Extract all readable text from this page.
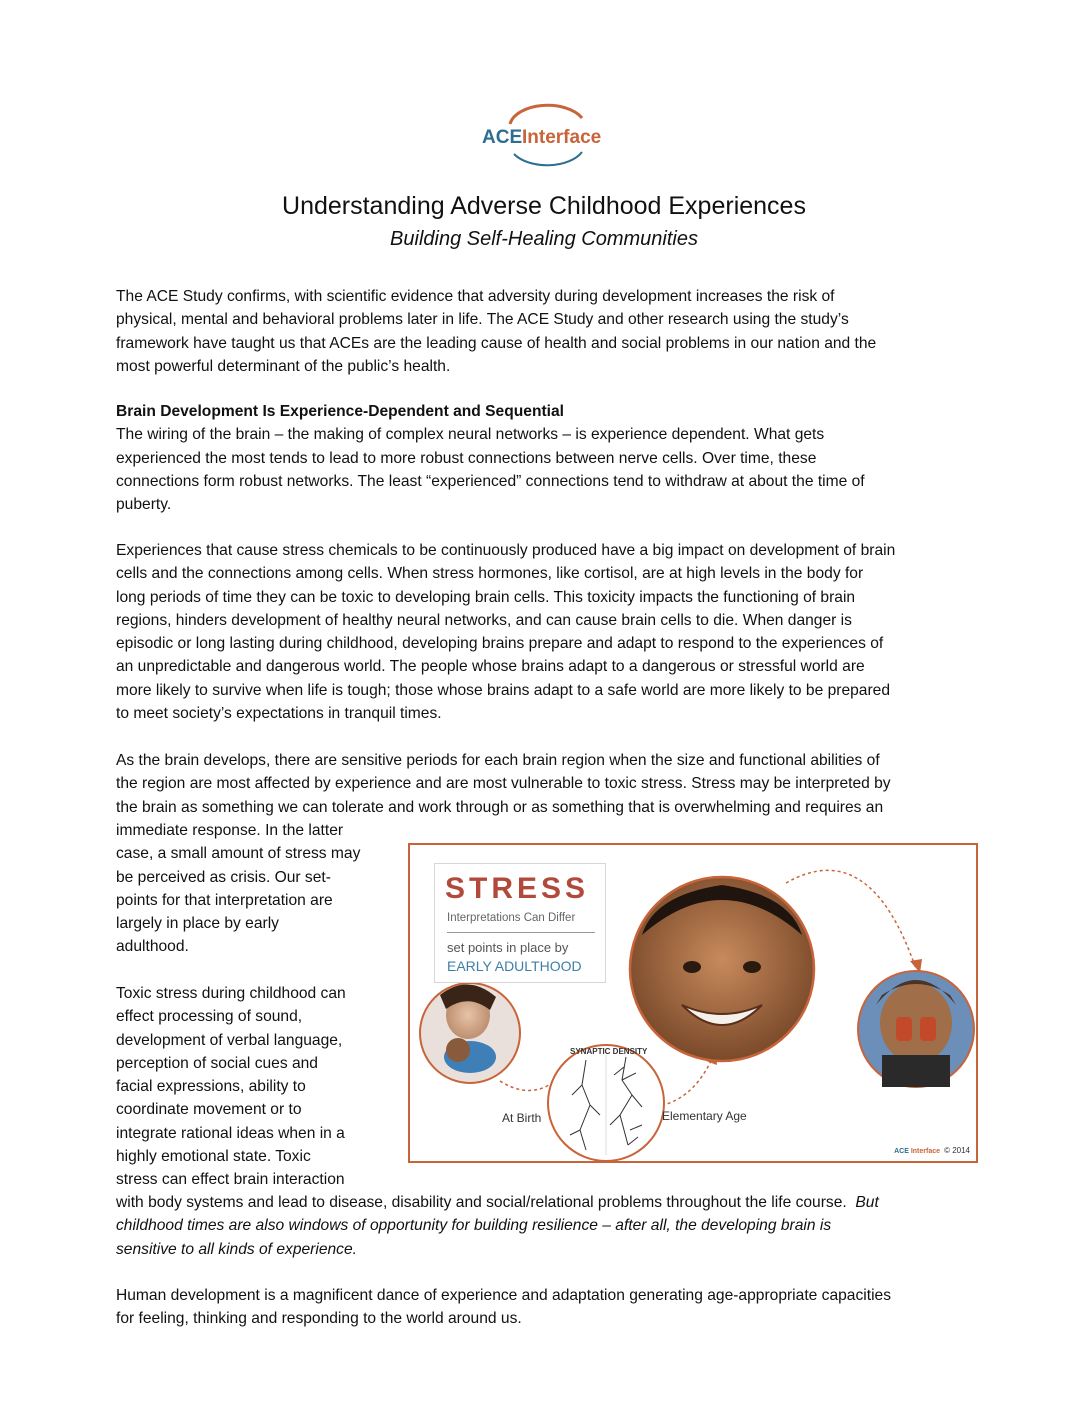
ACE Interface
Understanding Adverse Childhood Experiences
Building Self-Healing Communities
The ACE Study confirms, with scientific evidence that adversity during development increases the risk of
physical, mental and behavioral problems later in life. The ACE Study and other research using the study’s
framework have taught us that ACEs are the leading cause of health and social problems in our nation and the
most powerful determinant of the public’s health.
Brain Development Is Experience-Dependent and Sequential
The wiring of the brain – the making of complex neural networks – is experience dependent. What gets
experienced the most tends to lead to more robust connections between nerve cells. Over time, these
connections form robust networks. The least “experienced” connections tend to withdraw at about the time of
puberty.
Experiences that cause stress chemicals to be continuously produced have a big impact on development of brain
cells and the connections among cells. When stress hormones, like cortisol, are at high levels in the body for
long periods of time they can be toxic to developing brain cells. This toxicity impacts the functioning of brain
regions, hinders development of healthy neural networks, and can cause brain cells to die. When danger is
episodic or long lasting during childhood, developing brains prepare and adapt to respond to the experiences of
an unpredictable and dangerous world. The people whose brains adapt to a dangerous or stressful world are
more likely to survive when life is tough; those whose brains adapt to a safe world are more likely to be prepared
to meet society’s expectations in tranquil times.
As the brain develops, there are sensitive periods for each brain region when the size and functional abilities of
the region are most affected by experience and are most vulnerable to toxic stress. Stress may be interpreted by
the brain as something we can tolerate and work through or as something that is overwhelming and requires an
immediate response. In the latter
case, a small amount of stress may
be perceived as crisis. Our set-
points for that interpretation are
largely in place by early
adulthood.
Toxic stress during childhood can
effect processing of sound,
development of verbal language,
perception of social cues and
facial expressions, ability to
coordinate movement or to
integrate rational ideas when in a
highly emotional state. Toxic
stress can effect brain interaction
with body systems and lead to disease, disability and social/relational problems throughout the life course. But
childhood times are also windows of opportunity for building resilience – after all, the developing brain is
sensitive to all kinds of experience.
Human development is a magnificent dance of experience and adaptation generating age-appropriate capacities
for feeling, thinking and responding to the world around us.
STRESS
Interpretations Can Differ
set points in place by
EARLY ADULTHOOD
SYNAPTIC DENSITY
At Birth	Elementary Age
ACE Interface © 2014
